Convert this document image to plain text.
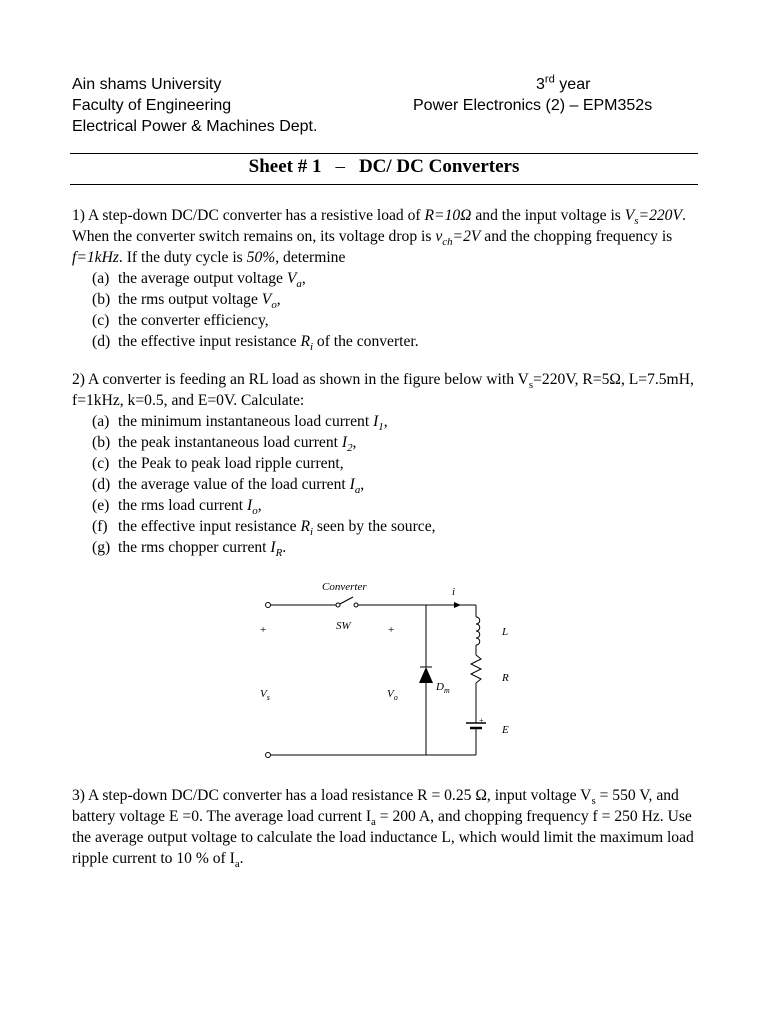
Ain shams University
Faculty of Engineering
Electrical Power & Machines Dept.
3rd year
Power Electronics (2) – EPM352s
Sheet # 1 – DC/ DC Converters

1) A step-down DC/DC converter has a resistive load of R=10Ω and the input voltage is $V_s=220V$. When the converter switch remains on, its voltage drop is $v_{ch}=2V$ and the chopping frequency is f=1kHz. If the duty cycle is 50%, determine

(a) the average output voltage $V_a$,
(b) the rms output voltage $V_o$,
(c) the converter efficiency,
(d) the effective input resistance $R_i$ of the converter.

2) A converter is feeding an RL load as shown in the figure below with $V_s=220V$, R=5Ω, L=7.5mH, f=1kHz, k=0.5, and E=0V. Calculate:

(a) the minimum instantaneous load current $I_1$,
(b) the peak instantaneous load current $I_2$,
(c) the Peak to peak load ripple current,
(d) the average value of the load current $I_a$,
(e) the rms load current $I_o$,
(f) the effective input resistance $R_i$ seen by the source,
(g) the rms chopper current $I_R$.
Converter
SW
+	+
i
L
R
E
+
$V_s$	$V_o$
$D_m$

3) A step-down DC/DC converter has a load resistance R = 0.25 Ω, input voltage $V_s = 550$ V, and battery voltage E =0. The average load current $I_a = 200$ A, and chopping frequency f = 250 Hz. Use the average output voltage to calculate the load inductance L, which would limit the maximum load ripple current to 10 % of $I_a$.
